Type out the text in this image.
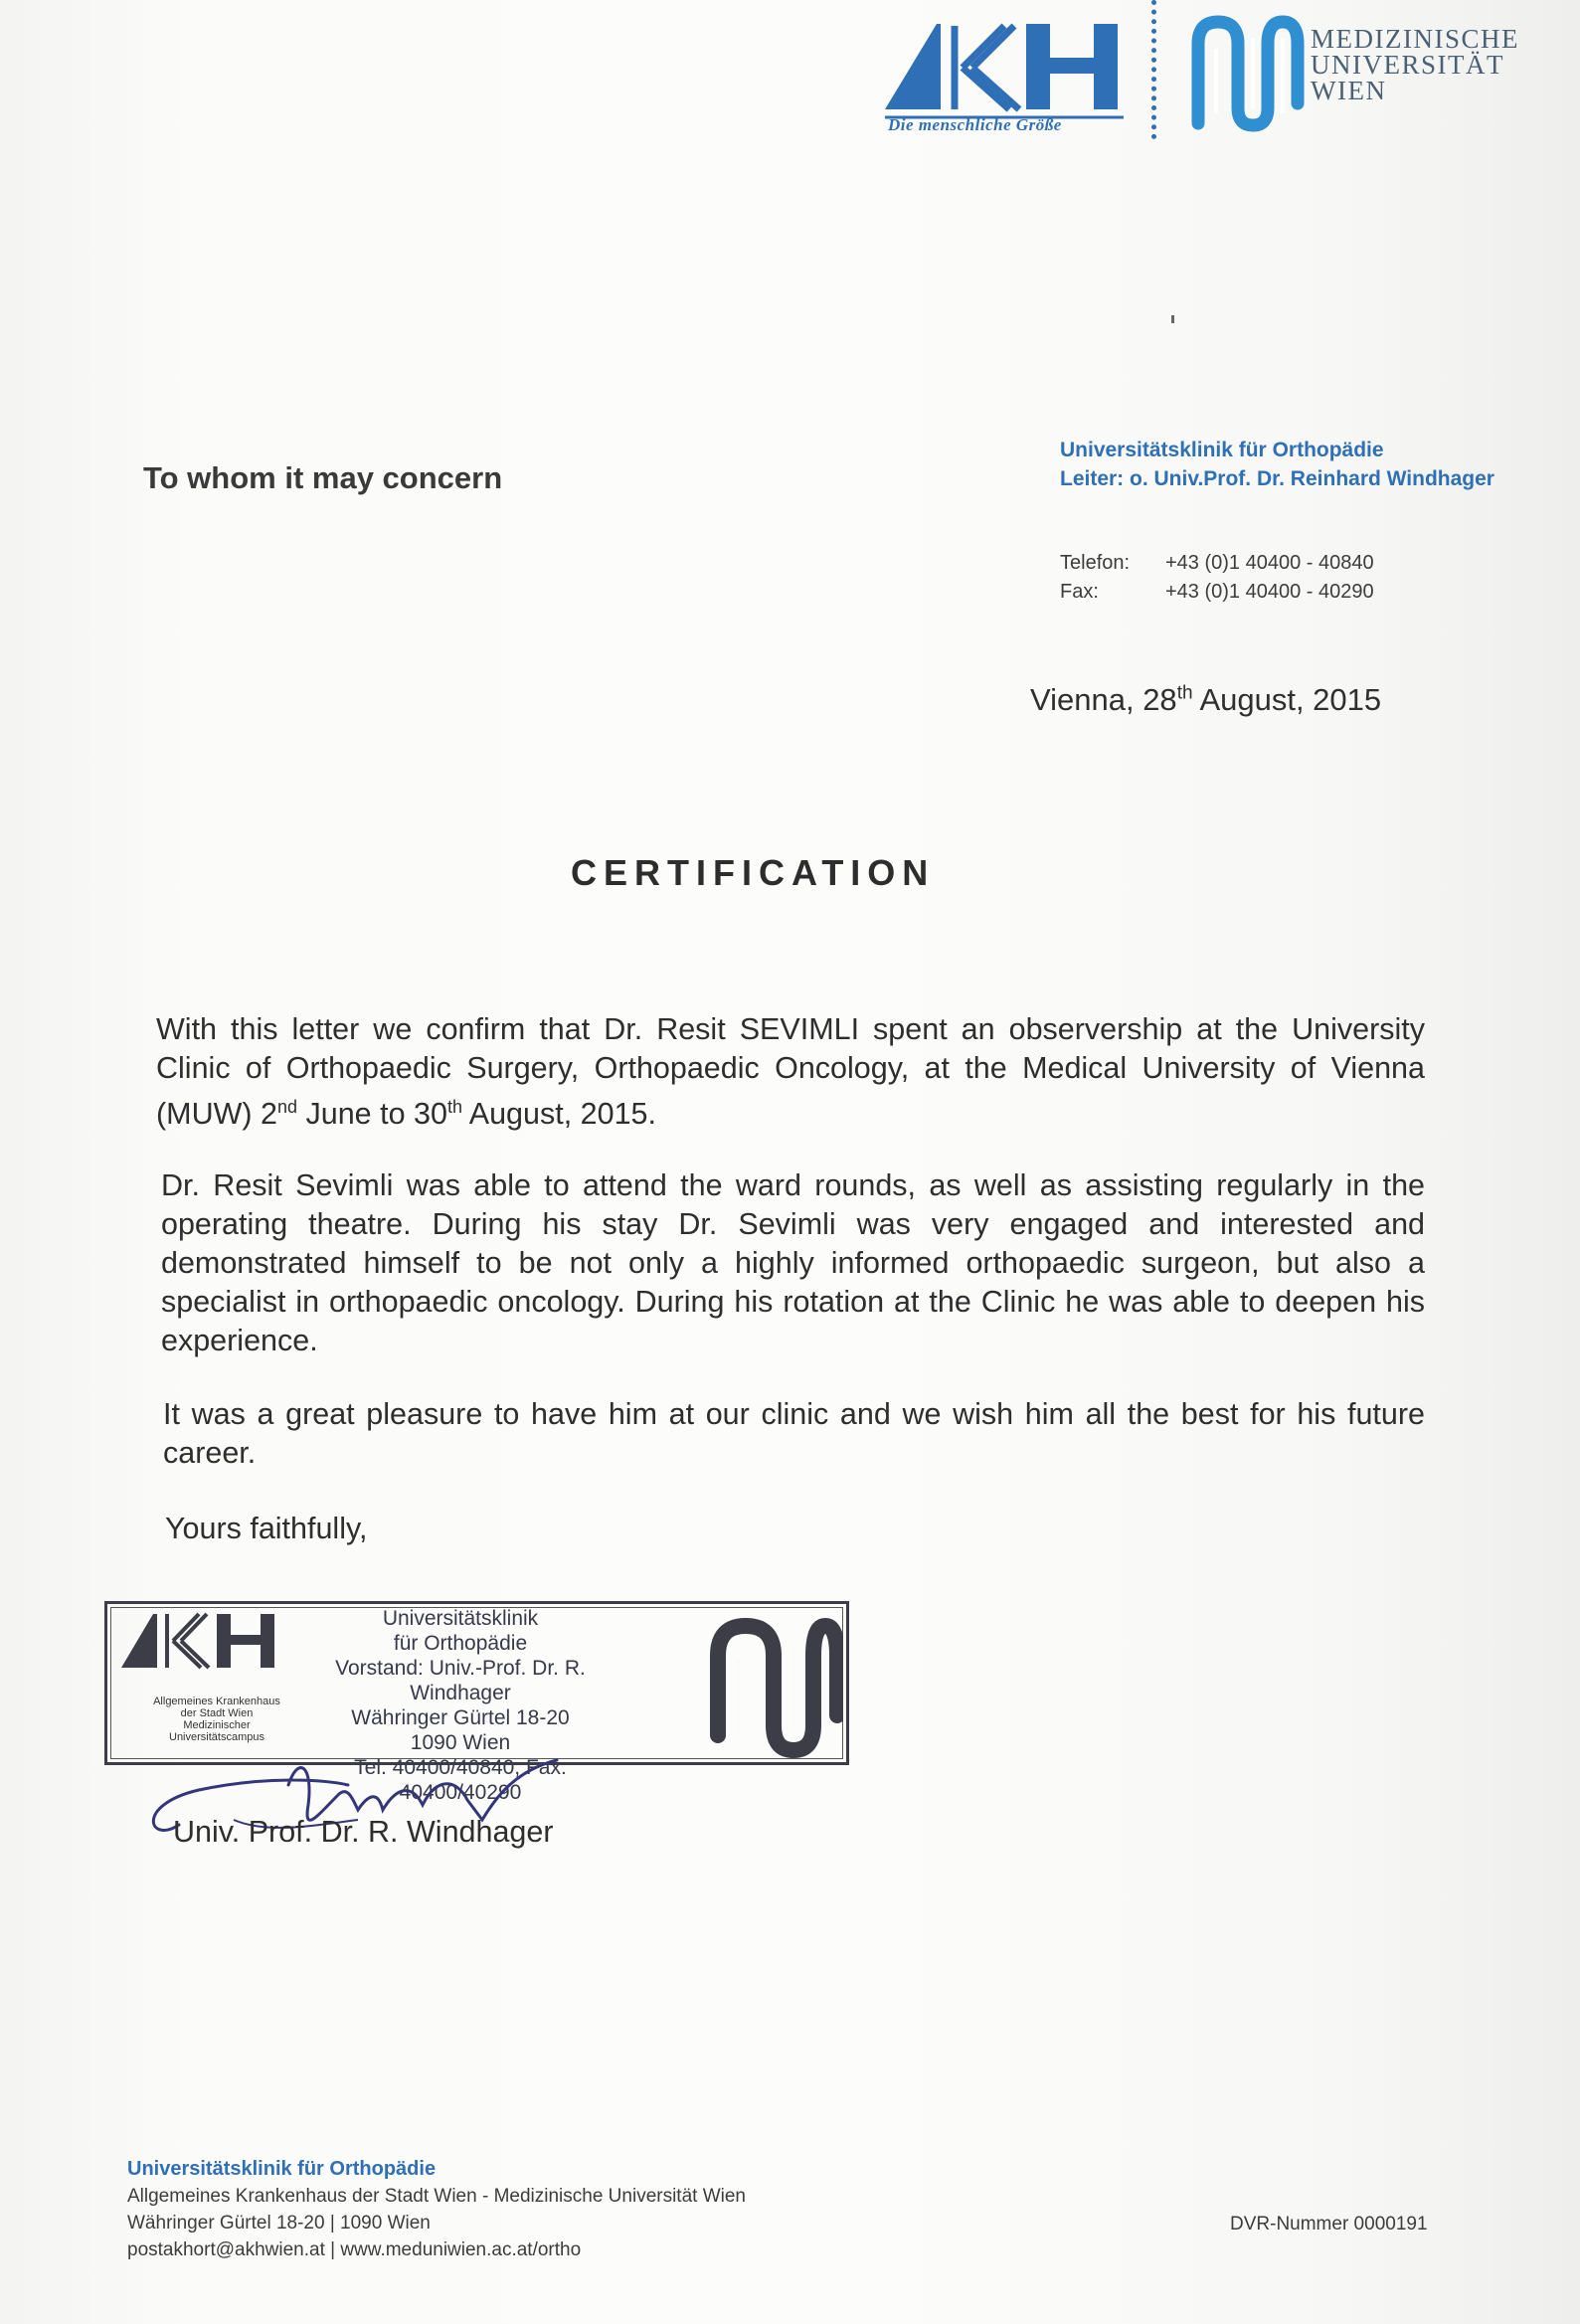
Die menschliche Größe
MEDIZINISCHE
UNIVERSITÄT
WIEN
To whom it may concern
Universitätsklinik für Orthopädie
Leiter: o. Univ.Prof. Dr. Reinhard Windhager
Telefon: +43 (0)1 40400 - 40840
Fax:	+43 (0)1 40400 - 40290
Vienna, 28th August, 2015
CERTIFICATION
With this letter we confirm that Dr. Resit SEVIMLI spent an observership at the University Clinic of Orthopaedic Surgery, Orthopaedic Oncology, at the Medical University of Vienna (MUW) 2nd June to 30th August, 2015.
Dr. Resit Sevimli was able to attend the ward rounds, as well as assisting regularly in the operating theatre. During his stay Dr. Sevimli was very engaged and interested and demonstrated himself to be not only a highly informed orthopaedic surgeon, but also a specialist in orthopaedic oncology. During his rotation at the Clinic he was able to deepen his experience.
It was a great pleasure to have him at our clinic and we wish him all the best for his future career.
Yours faithfully,
Allgemeines Krankenhaus
der Stadt Wien
Medizinischer
Universitätscampus
Universitätsklinik
für Orthopädie
Vorstand: Univ.-Prof. Dr. R. Windhager
Währinger Gürtel 18-20
1090 Wien
Tel. 40400/40840, Fax: 40400/40290
Univ. Prof. Dr. R. Windhager
Universitätsklinik für Orthopädie
Allgemeines Krankenhaus der Stadt Wien - Medizinische Universität Wien
Währinger Gürtel 18-20 | 1090 Wien
postakhort@akhwien.at | www.meduniwien.ac.at/ortho
DVR-Nummer 0000191
